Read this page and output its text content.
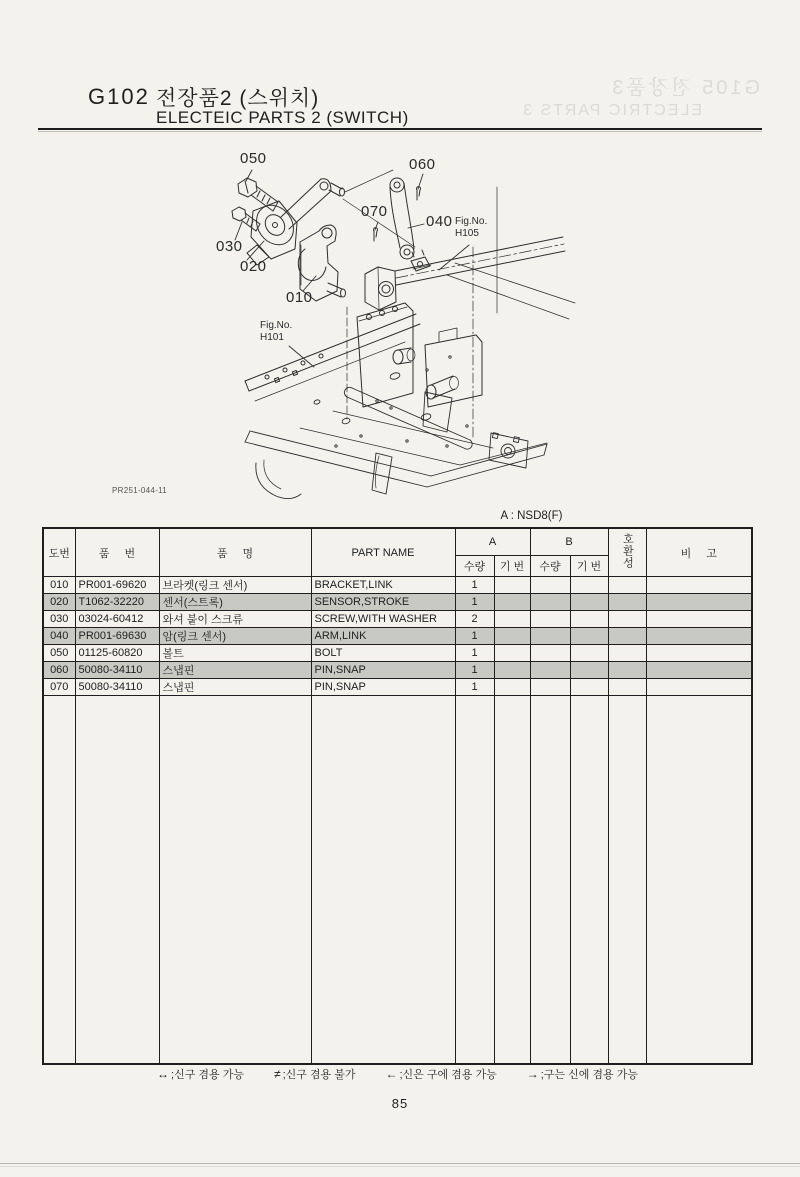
G102 전장품2 (스위치)
ELECTEIC PARTS 2 (SWITCH)
G105 전장품3
ELECTRIC PARTS 3
050	060
070
040
030
020
010
Fig.No.
H105
Fig.No.
H101
PR251-044-11
A : NSD8(F)
도번	품 번	품 명	PART NAME	A		B		호환성	비 고
				수량	기 번	수량	기 번		
010	PR001-69620	브라켓(링크 센서)	BRACKET,LINK	1					
020	T1062-32220	센서(스트록)	SENSOR,STROKE	1					
030	03024-60412	와셔 붙이 스크류	SCREW,WITH WASHER	2					
040	PR001-69630	암(링크 센서)	ARM,LINK	1					
050	01125-60820	볼트	BOLT	1					
060	50080-34110	스냅핀	PIN,SNAP	1					
070	50080-34110	스냅핀	PIN,SNAP	1					

↔ ;신구 겸용 가능	≠ ;신구 겸용 불가	← ;신은 구에 겸용 가능	→ ;구는 신에 겸용 가능
85
